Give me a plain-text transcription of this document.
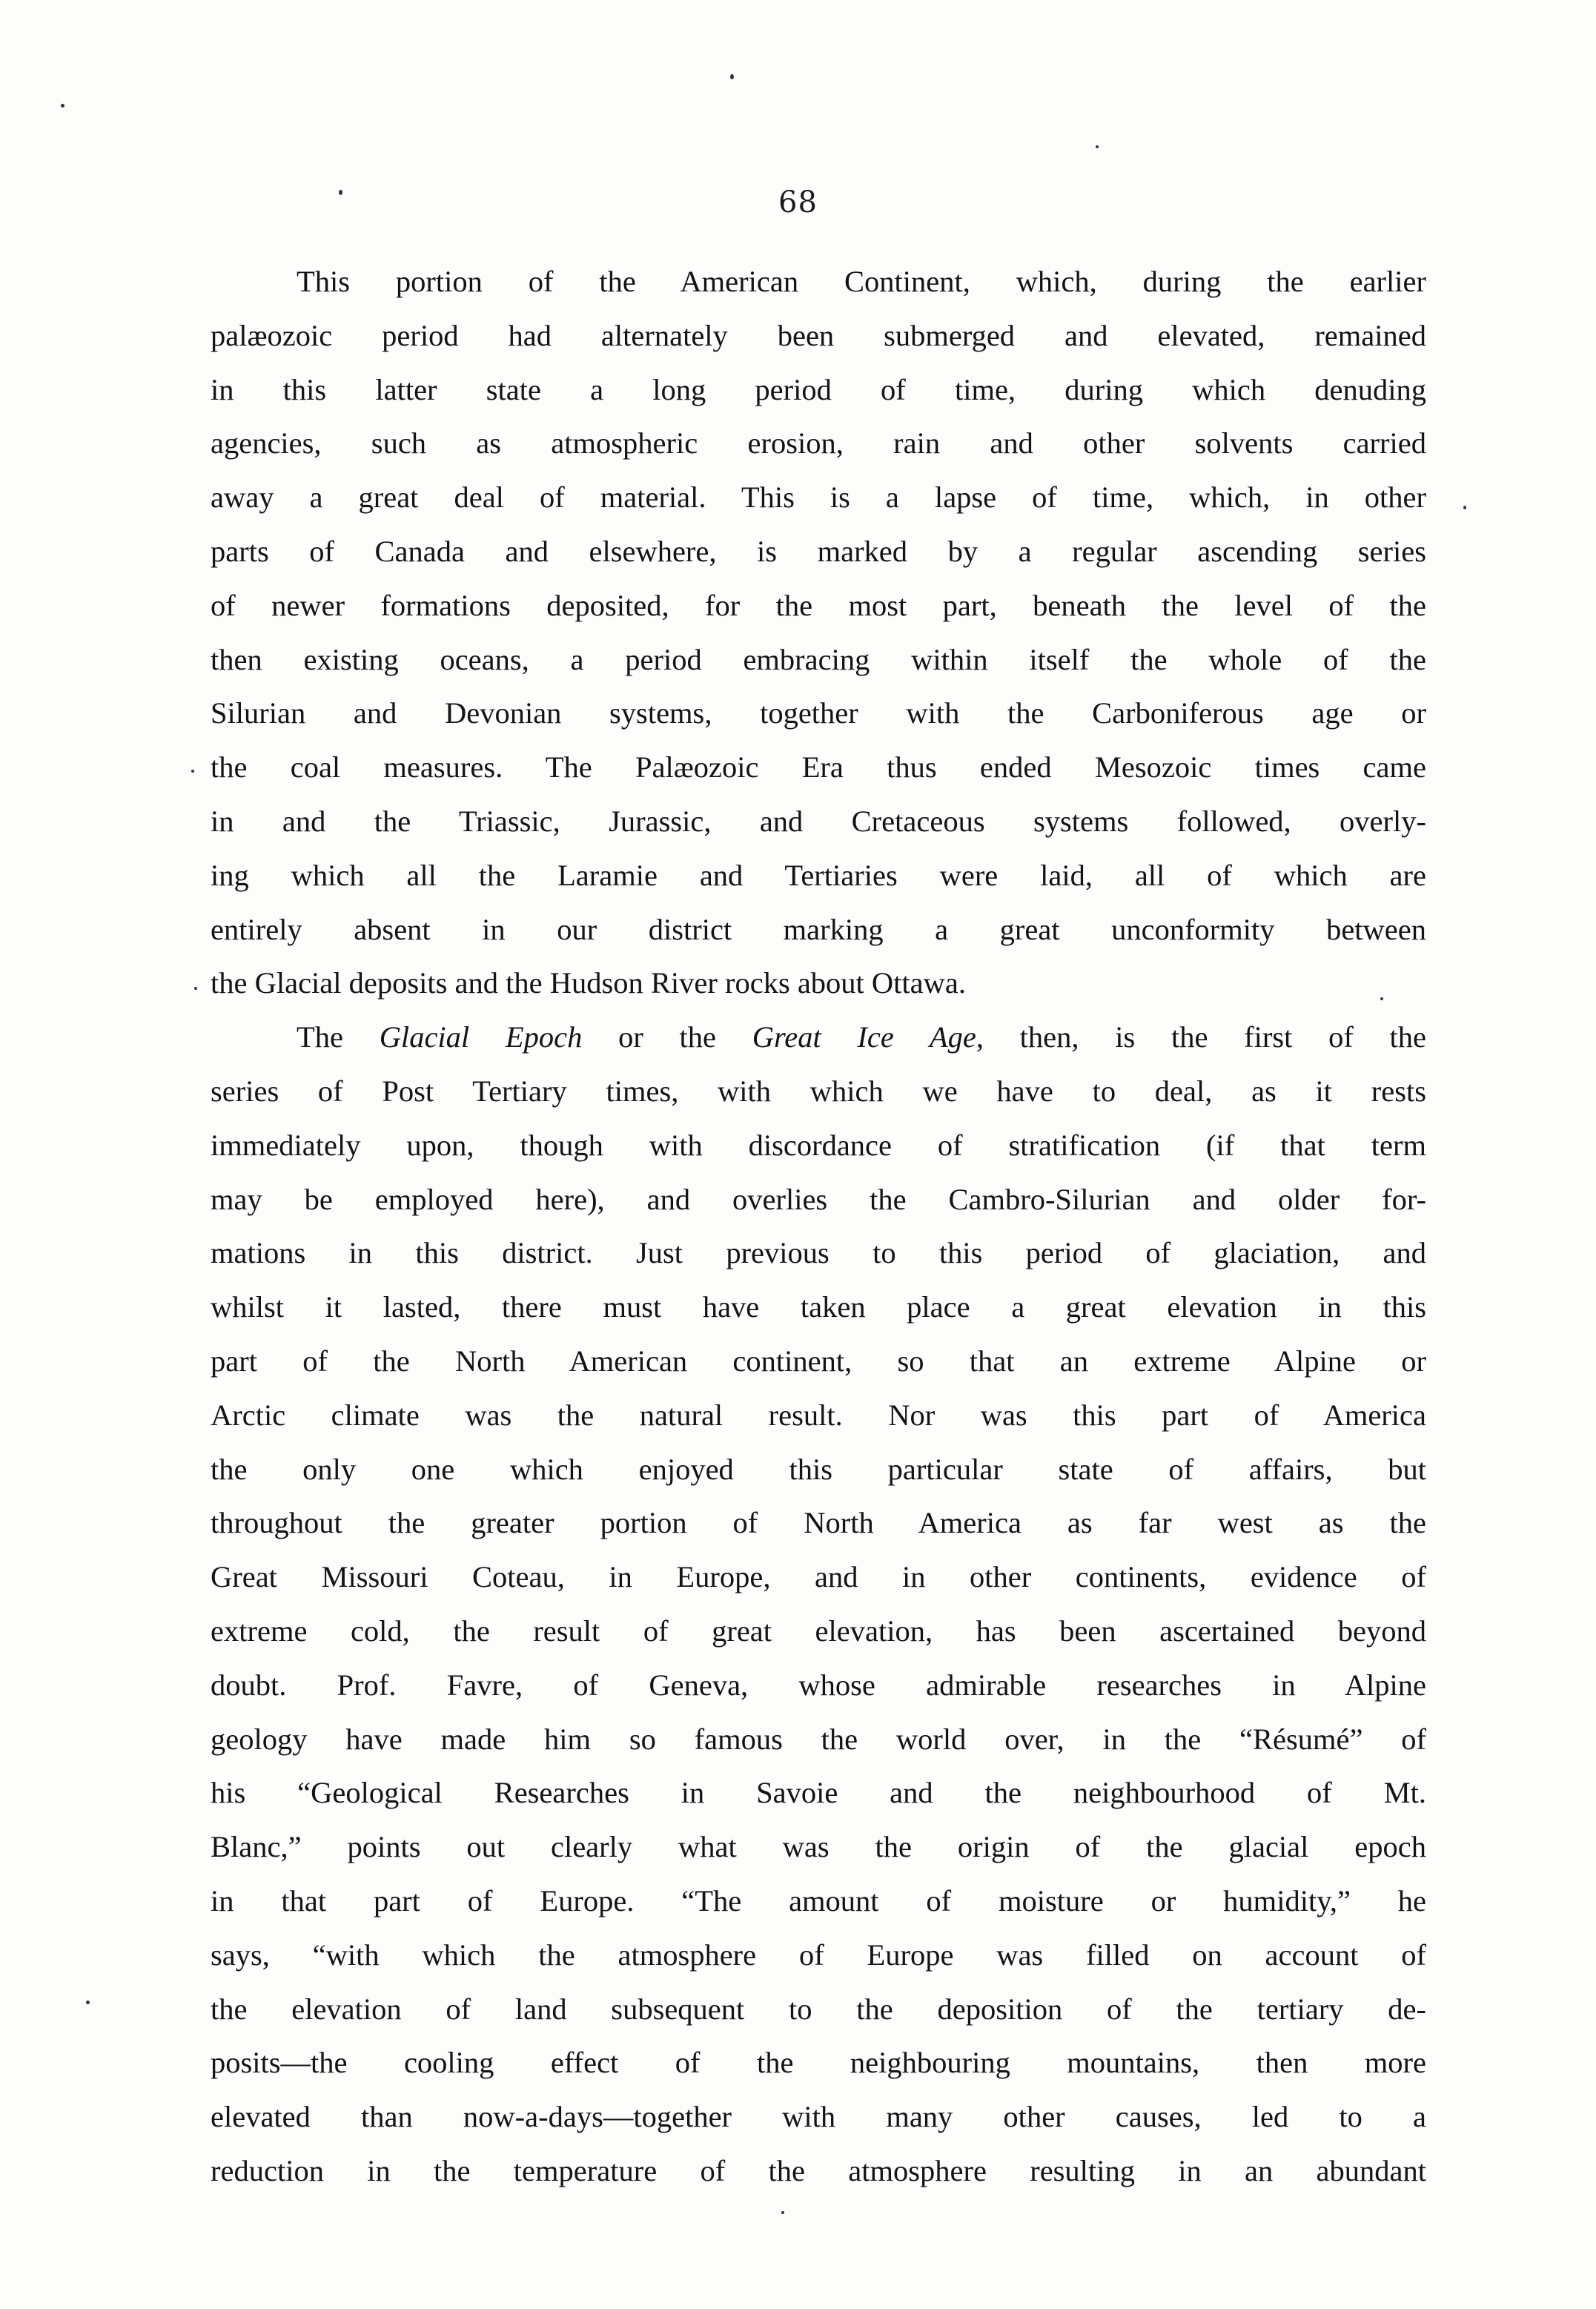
68
This portion of the American Continent, which, during the earlier
palæozoic period had alternately been submerged and elevated, remained
in this latter state a long period of time, during which denuding
agencies, such as atmospheric erosion, rain and other solvents carried
away a great deal of material. This is a lapse of time, which, in other
parts of Canada and elsewhere, is marked by a regular ascending series
of newer formations deposited, for the most part, beneath the level of the
then existing oceans, a period embracing within itself the whole of the
Silurian and Devonian systems, together with the Carboniferous age or
the coal measures. The Palæozoic Era thus ended Mesozoic times came
in and the Triassic, Jurassic, and Cretaceous systems followed, overly-
ing which all the Laramie and Tertiaries were laid, all of which are
entirely absent in our district marking a great unconformity between
the Glacial deposits and the Hudson River rocks about Ottawa.
The Glacial Epoch or the Great Ice Age, then, is the first of the
series of Post Tertiary times, with which we have to deal, as it rests
immediately upon, though with discordance of stratification (if that term
may be employed here), and overlies the Cambro-Silurian and older for-
mations in this district. Just previous to this period of glaciation, and
whilst it lasted, there must have taken place a great elevation in this
part of the North American continent, so that an extreme Alpine or
Arctic climate was the natural result. Nor was this part of America
the only one which enjoyed this particular state of affairs, but
throughout the greater portion of North America as far west as the
Great Missouri Coteau, in Europe, and in other continents, evidence of
extreme cold, the result of great elevation, has been ascertained beyond
doubt. Prof. Favre, of Geneva, whose admirable researches in Alpine
geology have made him so famous the world over, in the “Résumé” of
his “Geological Researches in Savoie and the neighbourhood of Mt.
Blanc,” points out clearly what was the origin of the glacial epoch
in that part of Europe. “The amount of moisture or humidity,” he
says, “with which the atmosphere of Europe was filled on account of
the elevation of land subsequent to the deposition of the tertiary de-
posits—the cooling effect of the neighbouring mountains, then more
elevated than now-a-days—together with many other causes, led to a
reduction in the temperature of the atmosphere resulting in an abundant
